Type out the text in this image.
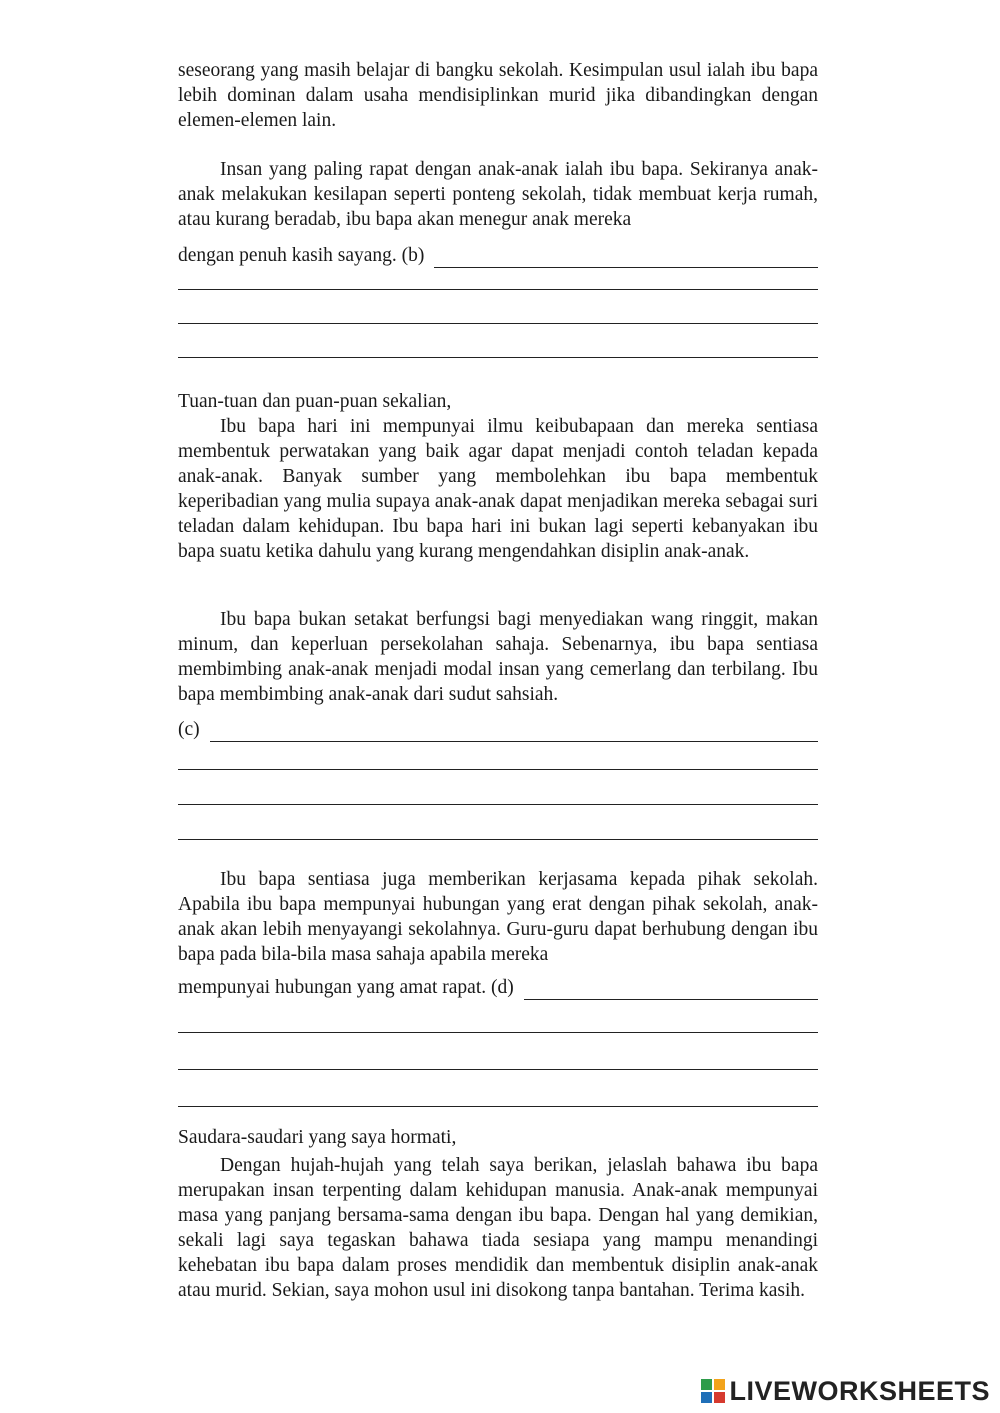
seseorang yang masih belajar di bangku sekolah. Kesimpulan usul ialah ibu bapa lebih dominan dalam usaha mendisiplinkan murid jika dibandingkan dengan elemen-elemen lain.
Insan yang paling rapat dengan anak-anak ialah ibu bapa. Sekiranya anak-anak melakukan kesilapan seperti ponteng sekolah, tidak membuat kerja rumah, atau kurang beradab, ibu bapa akan menegur anak mereka
dengan penuh kasih sayang. (b)
Tuan-tuan dan puan-puan sekalian,
Ibu bapa hari ini mempunyai ilmu keibubapaan dan mereka sentiasa membentuk perwatakan yang baik agar dapat menjadi contoh teladan kepada anak-anak. Banyak sumber yang membolehkan ibu bapa membentuk keperibadian yang mulia supaya anak-anak dapat menjadikan mereka sebagai suri teladan dalam kehidupan. Ibu bapa hari ini bukan lagi seperti kebanyakan ibu bapa suatu ketika dahulu yang kurang mengendahkan disiplin anak-anak.
Ibu bapa bukan setakat berfungsi bagi menyediakan wang ringgit, makan minum, dan keperluan persekolahan sahaja. Sebenarnya, ibu bapa sentiasa membimbing anak-anak menjadi modal insan yang cemerlang dan terbilang. Ibu bapa membimbing anak-anak dari sudut sahsiah.
(c)
Ibu bapa sentiasa juga memberikan kerjasama kepada pihak sekolah. Apabila ibu bapa mempunyai hubungan yang erat dengan pihak sekolah, anak-anak akan lebih menyayangi sekolahnya. Guru-guru dapat berhubung dengan ibu bapa pada bila-bila masa sahaja apabila mereka
mempunyai hubungan yang amat rapat. (d)
Saudara-saudari yang saya hormati,
Dengan hujah-hujah yang telah saya berikan, jelaslah bahawa ibu bapa merupakan insan terpenting dalam kehidupan manusia. Anak-anak mempunyai masa yang panjang bersama-sama dengan ibu bapa. Dengan hal yang demikian, sekali lagi saya tegaskan bahawa tiada sesiapa yang mampu menandingi kehebatan ibu bapa dalam proses mendidik dan membentuk disiplin anak-anak atau murid. Sekian, saya mohon usul ini disokong tanpa bantahan. Terima kasih.
LIVEWORKSHEETS
